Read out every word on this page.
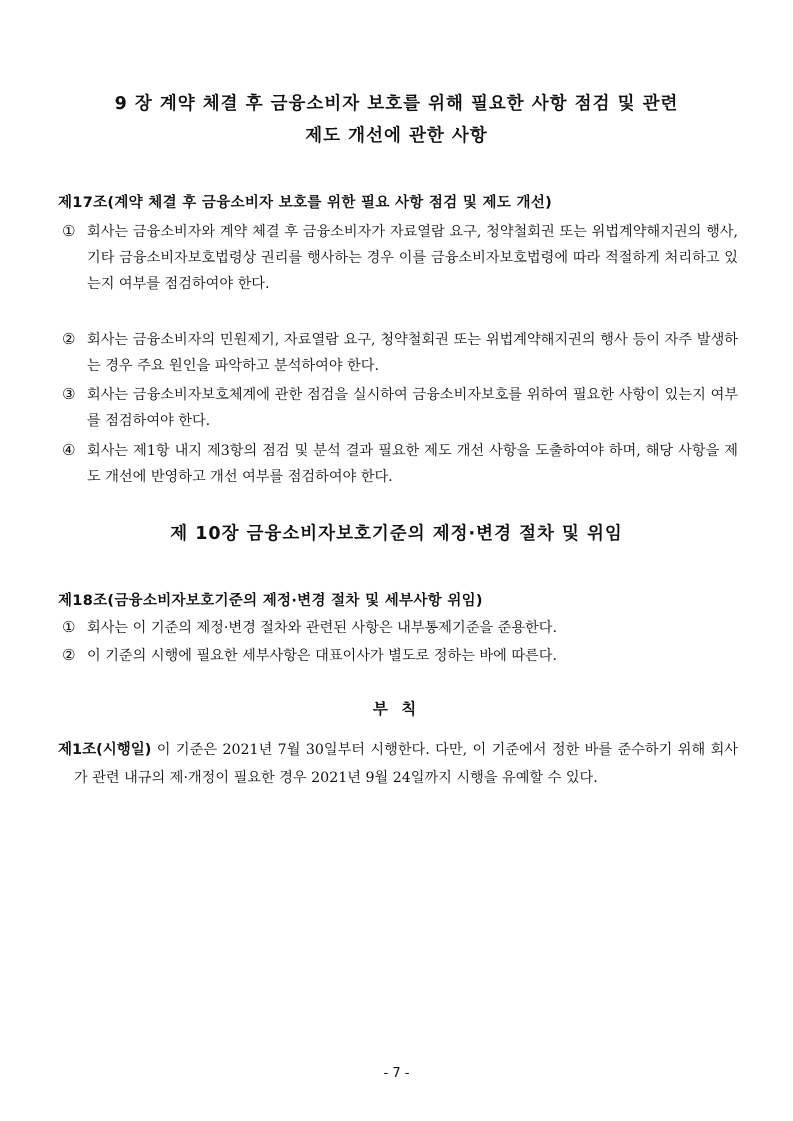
9 장 계약 체결 후 금융소비자 보호를 위해 필요한 사항 점검 및 관련
제도 개선에 관한 사항
제17조(계약 체결 후 금융소비자 보호를 위한 필요 사항 점검 및 제도 개선)
① 회사는 금융소비자와 계약 체결 후 금융소비자가 자료열람 요구, 청약철회권 또는 위법계약해지권의 행사, 기타 금융소비자보호법령상 권리를 행사하는 경우 이를 금융소비자보호법령에 따라 적절하게 처리하고 있는지 여부를 점검하여야 한다.
② 회사는 금융소비자의 민원제기, 자료열람 요구, 청약철회권 또는 위법계약해지권의 행사 등이 자주 발생하는 경우 주요 원인을 파악하고 분석하여야 한다.
③ 회사는 금융소비자보호체계에 관한 점검을 실시하여 금융소비자보호를 위하여 필요한 사항이 있는지 여부를 점검하여야 한다.
④ 회사는 제1항 내지 제3항의 점검 및 분석 결과 필요한 제도 개선 사항을 도출하여야 하며, 해당 사항을 제도 개선에 반영하고 개선 여부를 점검하여야 한다.
제 10장 금융소비자보호기준의 제정·변경 절차 및 위임
제18조(금융소비자보호기준의 제정·변경 절차 및 세부사항 위임)
① 회사는 이 기준의 제정·변경 절차와 관련된 사항은 내부통제기준을 준용한다.
② 이 기준의 시행에 필요한 세부사항은 대표이사가 별도로 정하는 바에 따른다.
부 칙
제1조(시행일) 이 기준은 2021년 7월 30일부터 시행한다. 다만, 이 기준에서 정한 바를 준수하기 위해 회사가 관련 내규의 제·개정이 필요한 경우 2021년 9월 24일까지 시행을 유예할 수 있다.
- 7 -
